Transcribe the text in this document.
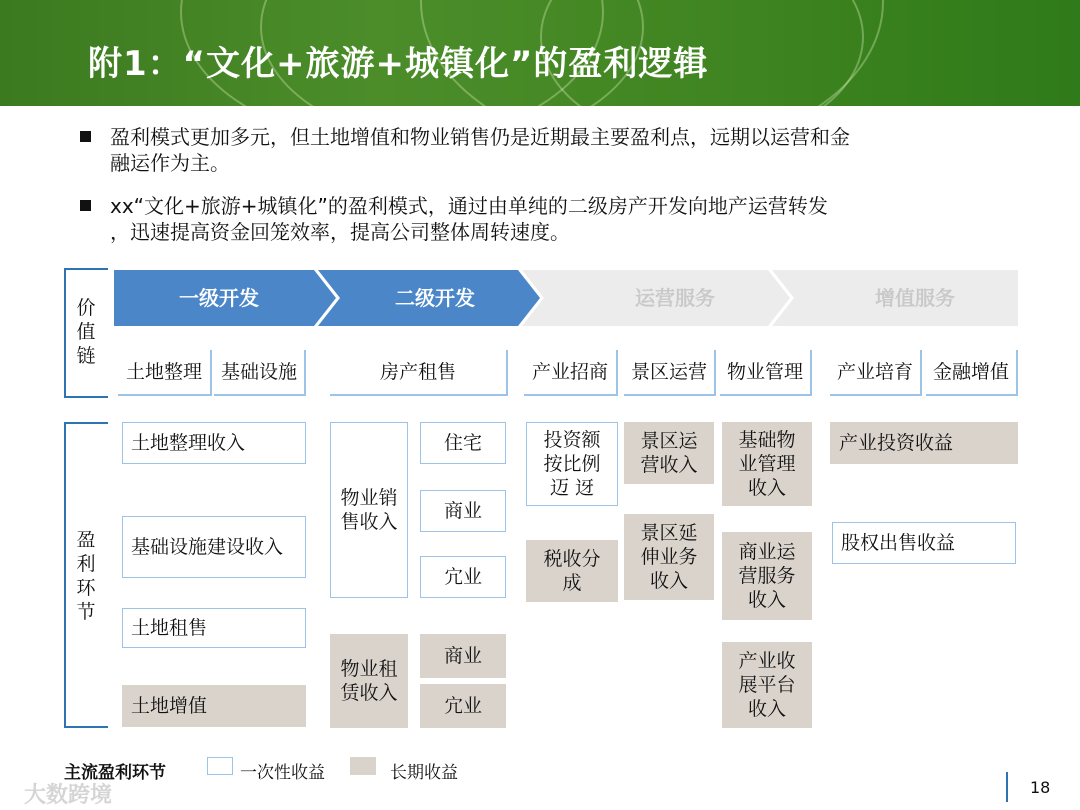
附1：“文化+旅游+城镇化”的盈利逻辑
盈利模式更加多元，但土地增值和物业销售仍是近期最主要盈利点，远期以运营和金
融运作为主。
xx“文化+旅游+城镇化”的盈利模式，通过由单纯的二级房产开发向地产运营转发
，迅速提高资金回笼效率，提高公司整体周转速度。
价
值
链
盈
利
环
节
一级开发	二级开发	运营服务	增值服务
土地整理 基础设施	房产租售	产业招商	景区运营	物业管理	产业培育	金融增值
土地整理收入
基础设施建设收入
土地租售
土地增值
物业销售收入
住宅
商业
宂业
物业租赁收入
商业
宂业
投资额按比例迈 迓
税收分成
景区运营收入
景区延伸业务收入
基础物业管理收入
商业运营服务收入
产业收展平台收入
产业投资收益
股权出售收益
主流盈利环节	一次性收益	长期收益
大数跨境	18
